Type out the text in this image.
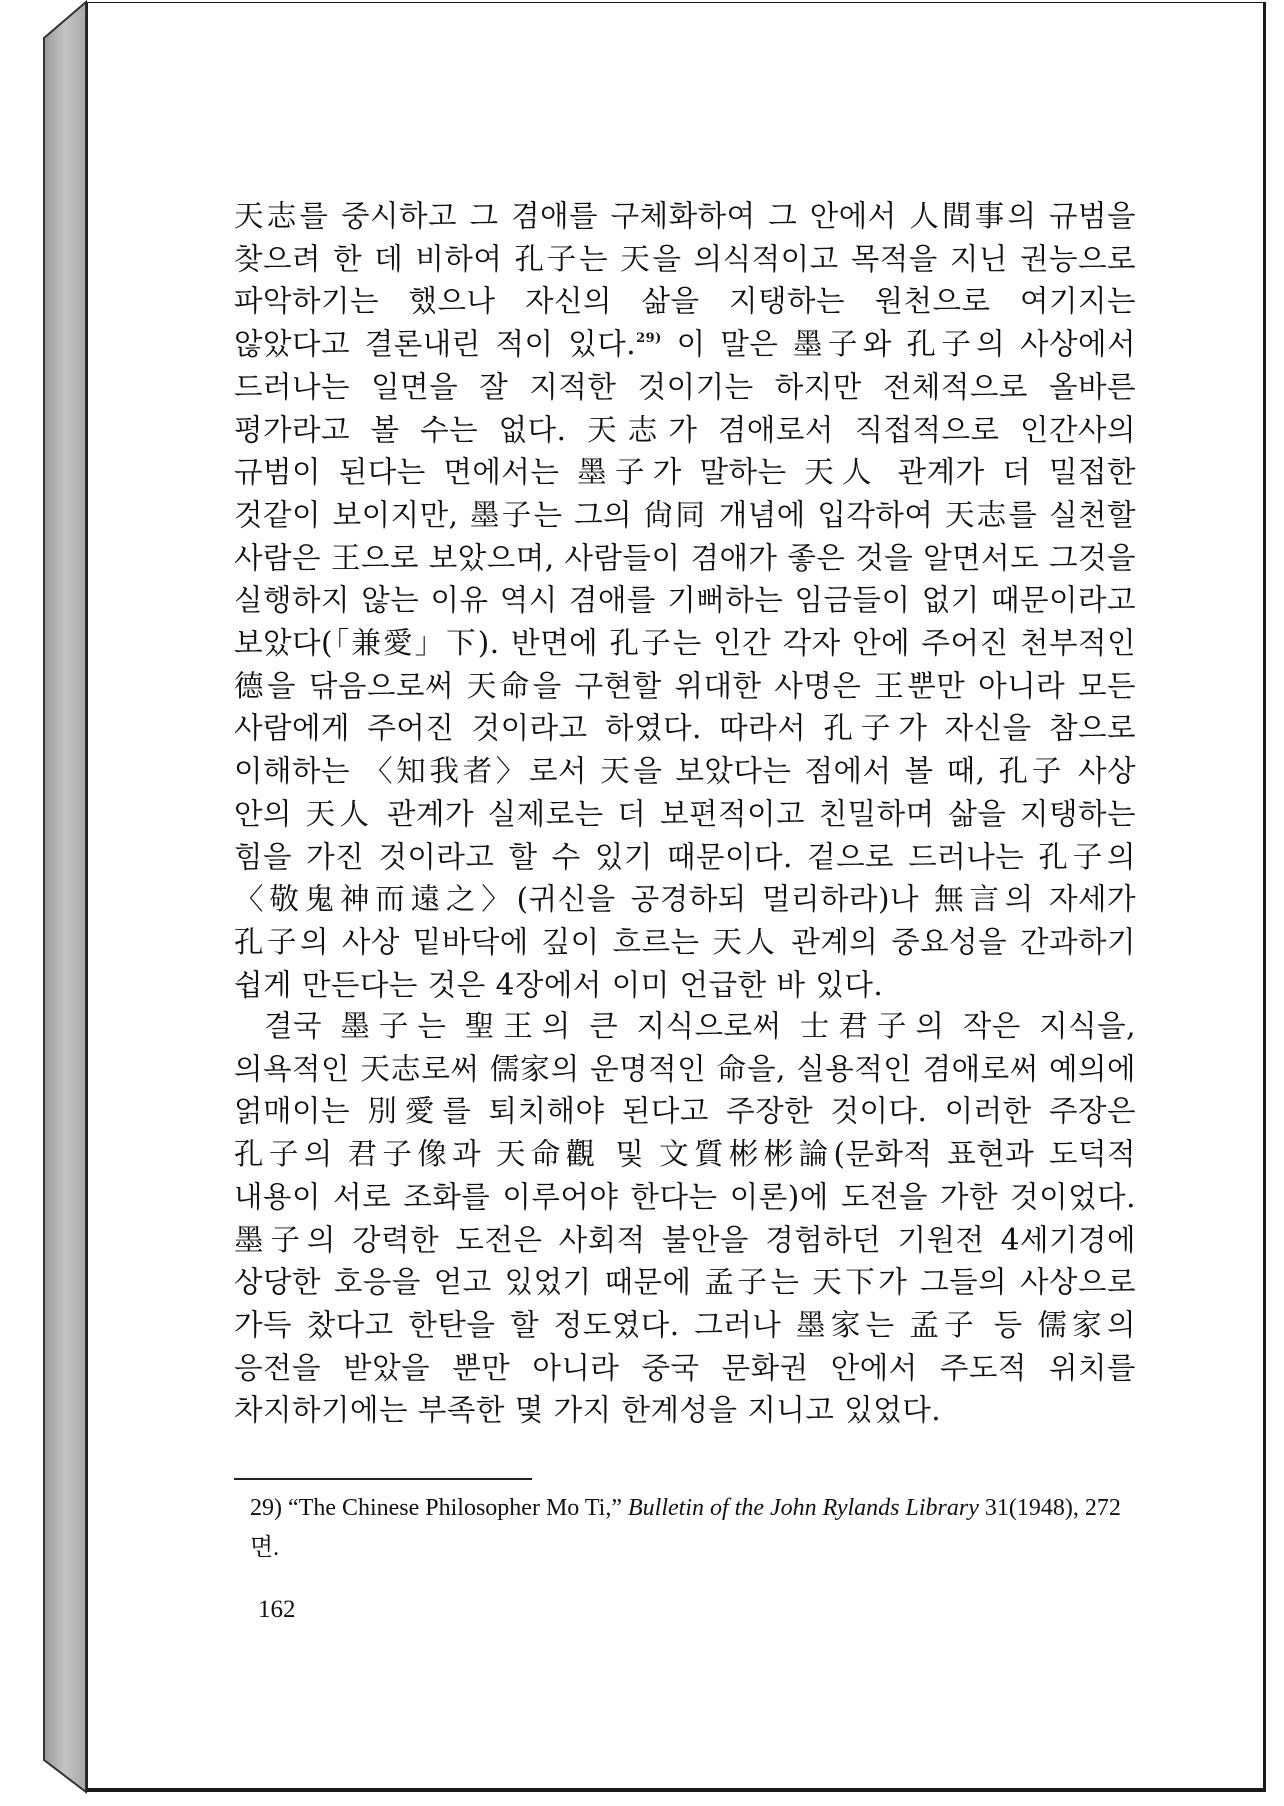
天志를 중시하고 그 겸애를 구체화하여 그 안에서 人間事의 규범을 찾으려 한 데 비하여 孔子는 天을 의식적이고 목적을 지닌 권능으로 파악하기는 했으나 자신의 삶을 지탱하는 원천으로 여기지는 않았다고 결론내린 적이 있다.$^{29)}$ 이 말은 墨子와 孔子의 사상에서 드러나는 일면을 잘 지적한 것이기는 하지만 전체적으로 올바른 평가라고 볼 수는 없다. 天志가 겸애로서 직접적으로 인간사의 규범이 된다는 면에서는 墨子가 말하는 天人 관계가 더 밀접한 것같이 보이지만, 墨子는 그의 尙同 개념에 입각하여 天志를 실천할 사람은 王으로 보았으며, 사람들이 겸애가 좋은 것을 알면서도 그것을 실행하지 않는 이유 역시 겸애를 기뻐하는 임금들이 없기 때문이라고 보았다(「兼愛」下). 반면에 孔子는 인간 각자 안에 주어진 천부적인 德을 닦음으로써 天命을 구현할 위대한 사명은 王뿐만 아니라 모든 사람에게 주어진 것이라고 하였다. 따라서 孔子가 자신을 참으로 이해하는 〈知我者〉로서 天을 보았다는 점에서 볼 때, 孔子 사상 안의 天人 관계가 실제로는 더 보편적이고 친밀하며 삶을 지탱하는 힘을 가진 것이라고 할 수 있기 때문이다. 겉으로 드러나는 孔子의 〈敬鬼神而遠之〉(귀신을 공경하되 멀리하라)나 無言의 자세가 孔子의 사상 밑바닥에 깊이 흐르는 天人 관계의 중요성을 간과하기 쉽게 만든다는 것은 4장에서 이미 언급한 바 있다.

결국 墨子는 聖王의 큰 지식으로써 士君子의 작은 지식을, 의욕적인 天志로써 儒家의 운명적인 命을, 실용적인 겸애로써 예의에 얽매이는 別愛를 퇴치해야 된다고 주장한 것이다. 이러한 주장은 孔子의 君子像과 天命觀 및 文質彬彬論(문화적 표현과 도덕적 내용이 서로 조화를 이루어야 한다는 이론)에 도전을 가한 것이었다. 墨子의 강력한 도전은 사회적 불안을 경험하던 기원전 4세기경에 상당한 호응을 얻고 있었기 때문에 孟子는 天下가 그들의 사상으로 가득 찼다고 한탄을 할 정도였다. 그러나 墨家는 孟子 등 儒家의 응전을 받았을 뿐만 아니라 중국 문화권 안에서 주도적 위치를 차지하기에는 부족한 몇 가지 한계성을 지니고 있었다.

29) “The Chinese Philosopher Mo Ti,” Bulletin of the John Rylands Library 31(1948), 272면.

162
